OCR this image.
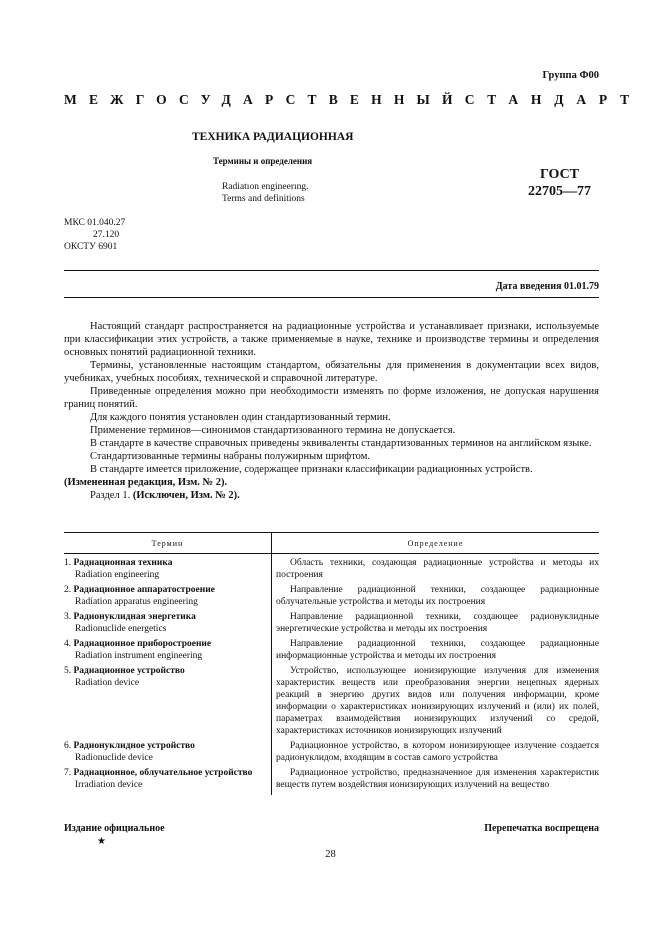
Группа Ф00
МЕЖГОСУДАРСТВЕННЫЙ СТАНДАРТ
ТЕХНИКА РАДИАЦИОННАЯ
Термины и определения
Radiatıon engineerıng.
Terms and definitions
ГОСТ
22705—77
МКС 01.040.27
27.120
ОКСТУ 6901
Дата введения 01.01.79

Настоящий стандарт распространяется на радиационные устройства и устанавливает признаки, используемые при классификации этих устройств, а также применяемые в науке, технике и производстве термины и определения основных понятий радиационной техники.

Термины, установленные настоящим стандартом, обязательны для применения в документации всех видов, учебниках, учебных пособиях, технической и справочной литературе.

Приведенные определения можно при необходимости изменять по форме изложения, не допуская нарушения границ понятий.

Для каждого понятия установлен один стандартизованный термин.

Применение терминов—синонимов стандартизованного термина не допускается.

В стандарте в качестве справочных приведены эквиваленты стандартизованных терминов на английском языке.

Стандартизованные термины набраны полужирным шрифтом.

В стандарте имеется приложение, содержащее признаки классификации радиационных устройств.

(Измененная редакция, Изм. № 2).

Раздел 1. (Исключен, Изм. № 2).

Термин	Определение

1. Радиационная техника
Radiation engineering	Область техники, создающая радиационные устройства и методы их построения

2. Радиационное аппаратостроение
Radiation apparatus engineering	Направление радиационной техники, создающее радиационные облучательные устройства и методы их построения

3. Радионуклидная энергетика
Radionuclide energetics	Направление радиационной техники, создающее радионуклидные энергетические устройства и методы их построения

4. Радиационное приборостроение
Radiation instrument engineering	Направление радиационной техники, создающее радиационные информационные устройства и методы их построения

5. Радиационное устройство
Radiation device	Устройство, использующее ионизирующие излучения для изменения характеристик веществ или преобразования энергии нецепных ядерных реакций в энергию других видов или получения информации, кроме информации о характеристиках ионизирующих излучений и (или) их полей, параметрах взаимодействия ионизирующих излучений со средой, характеристиках источников ионизирующих излучений

6. Радионуклидное устройство
Radionuclide device	Радиационное устройство, в котором ионизирующее излучение создается радионуклидом, входящим в состав самого устройства

7. Радиационное, облучательное устройство
Irradiation device	Радиационное устройство, предназначенное для изменения характеристик веществ путем воздействия ионизирующих излучений на вещество

Издание официальное
★
Перепечатка воспрещена
28
